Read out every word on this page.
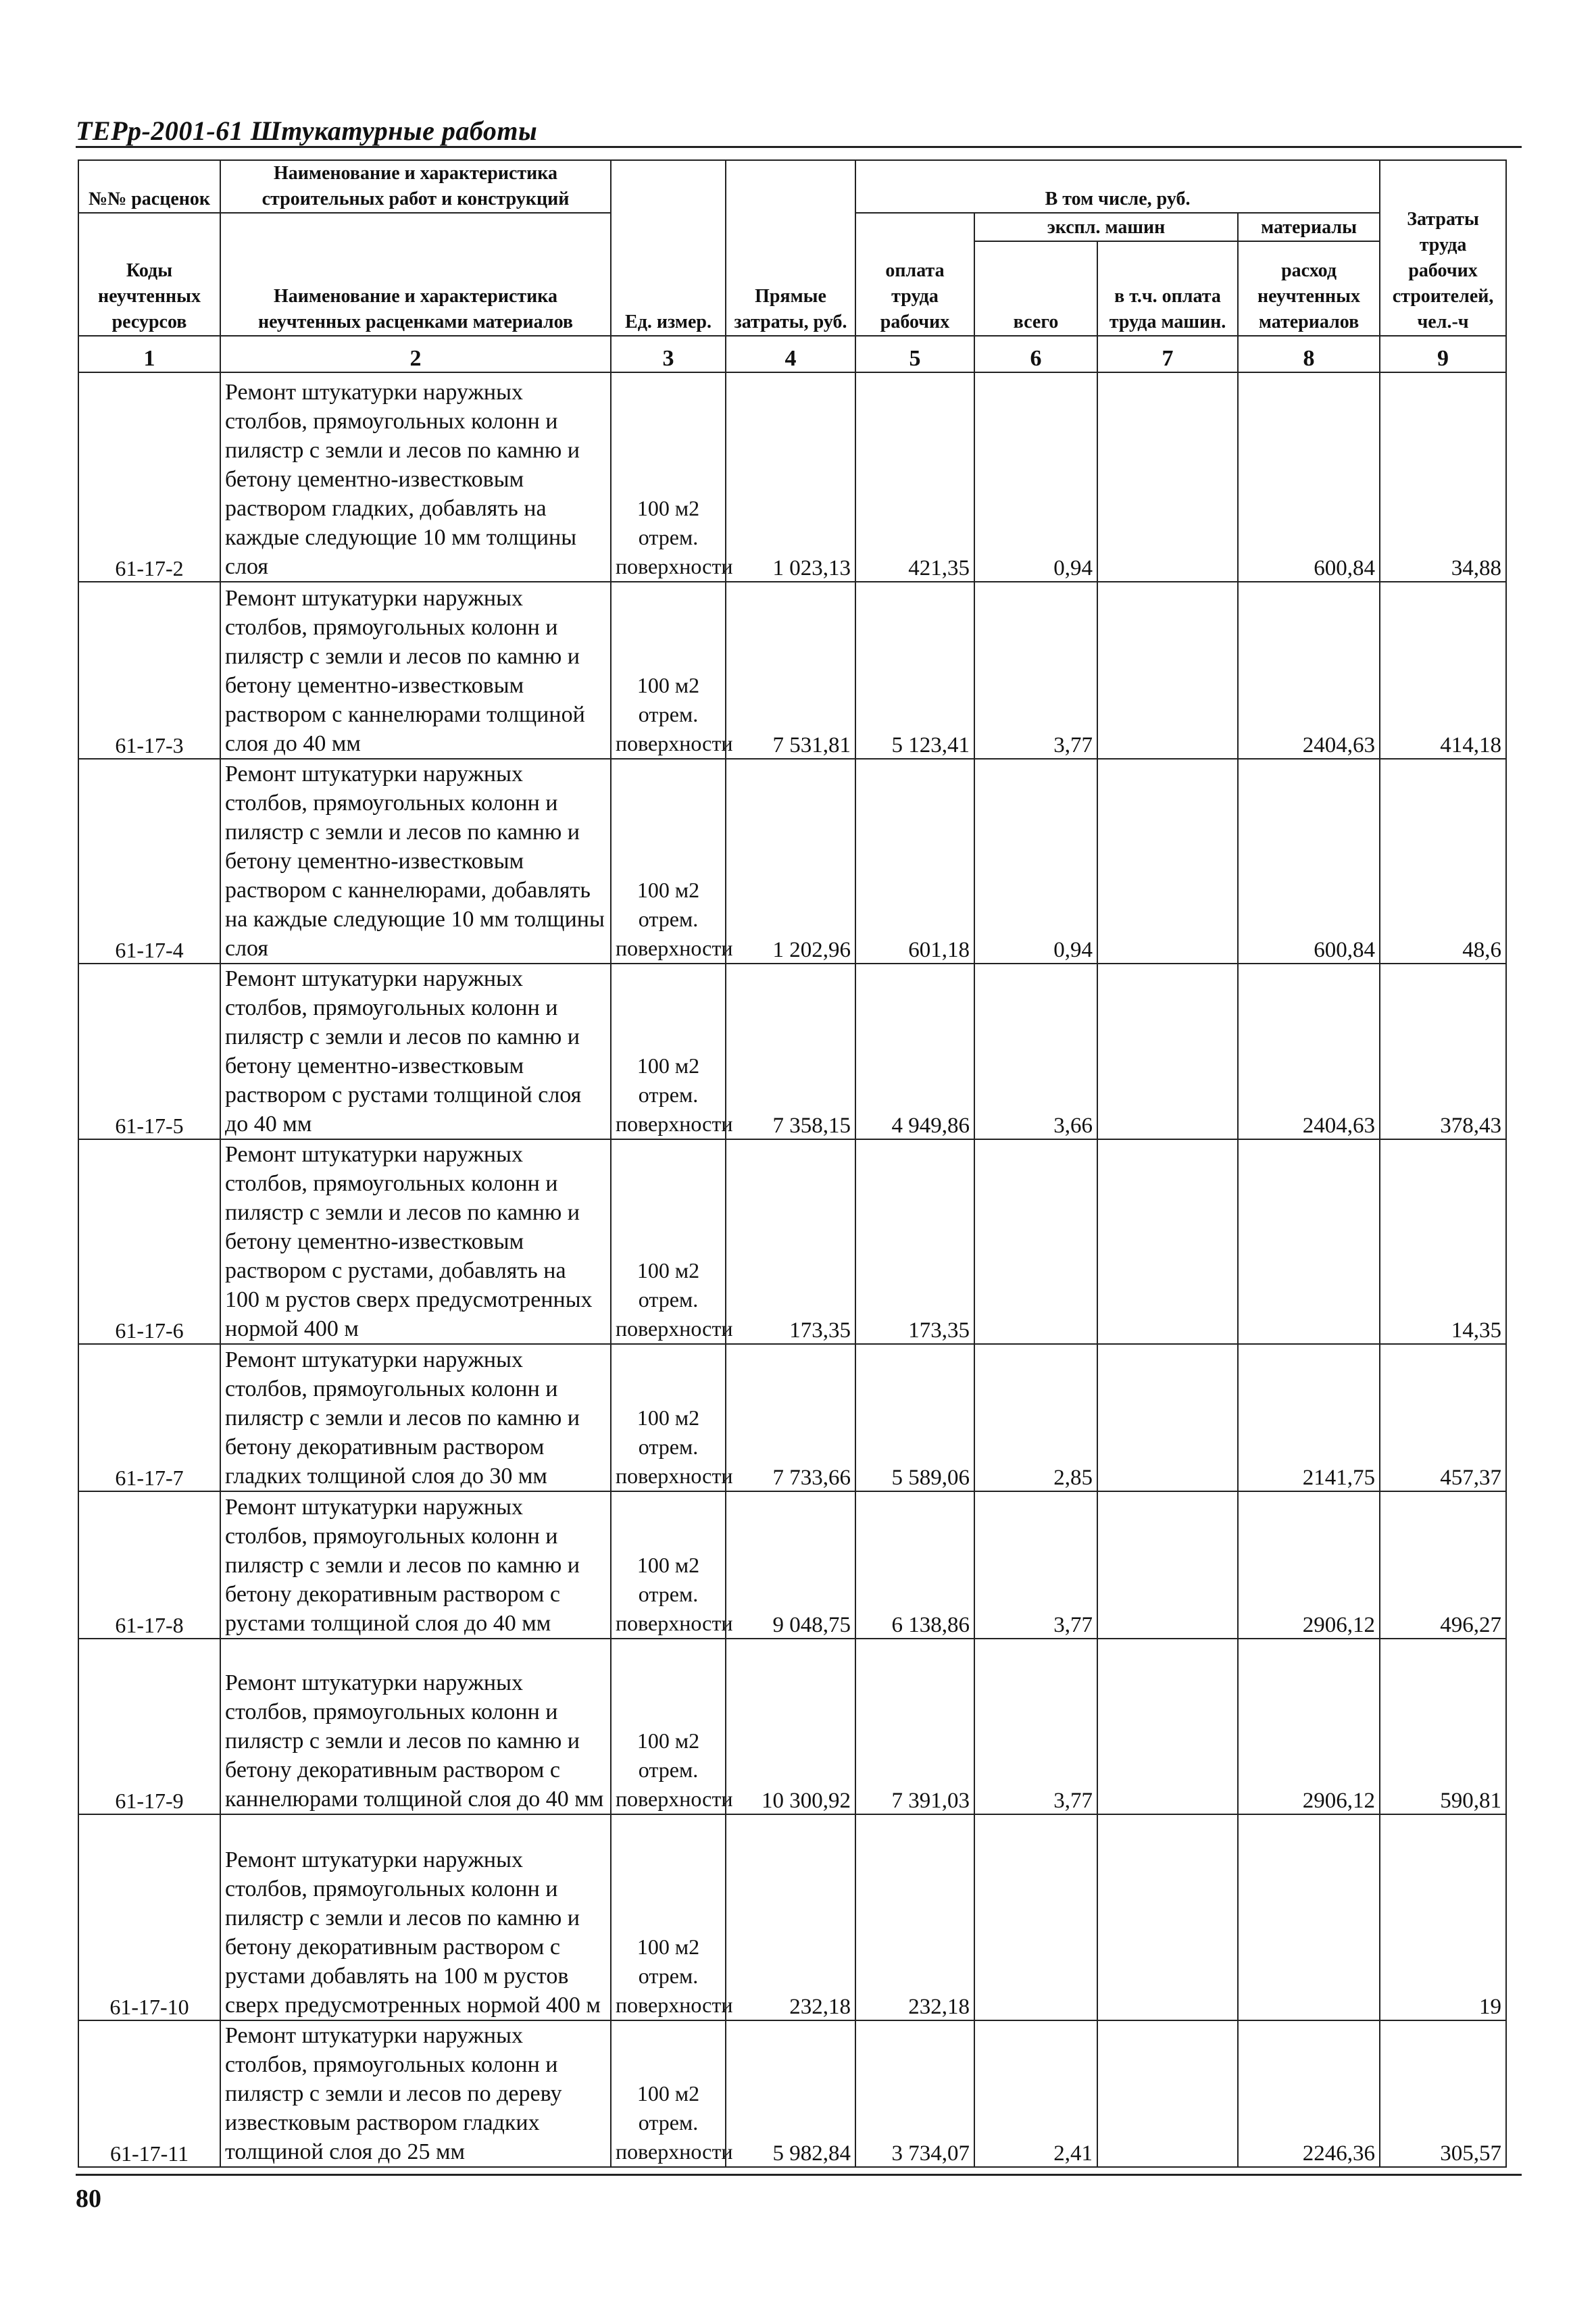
ТЕРр-2001-61 Штукатурные работы
№№ расценок	Наименование и характеристика строительных работ и конструкций	Ед. измер.	Прямые затраты, руб.	В том числе, руб.				Затраты труда рабочих строителей, чел.-ч
Коды неучтенных ресурсов	Наименование и характеристика неучтенных расценками материалов			оплата труда рабочих	экспл. машин		материалы	
					всего	в т.ч. оплата труда машин.	расход неучтенных материалов	

1	2	3	4	5	6	7	8	9
61-17-2	Ремонт штукатурки наружных столбов, прямоугольных колонн и пилястр с земли и лесов по камню и бетону цементно-известковым раствором гладких, добавлять на каждые следующие 10 мм толщины слоя	100 м2 отрем. поверхности	1 023,13	421,35	0,94		600,84	34,88
61-17-3	Ремонт штукатурки наружных столбов, прямоугольных колонн и пилястр с земли и лесов по камню и бетону цементно-известковым раствором с каннелюрами толщиной слоя до 40 мм	100 м2 отрем. поверхности	7 531,81	5 123,41	3,77		2404,63	414,18
61-17-4	Ремонт штукатурки наружных столбов, прямоугольных колонн и пилястр с земли и лесов по камню и бетону цементно-известковым раствором с каннелюрами, добавлять на каждые следующие 10 мм толщины слоя	100 м2 отрем. поверхности	1 202,96	601,18	0,94		600,84	48,6
61-17-5	Ремонт штукатурки наружных столбов, прямоугольных колонн и пилястр с земли и лесов по камню и бетону цементно-известковым раствором с рустами толщиной слоя до 40 мм	100 м2 отрем. поверхности	7 358,15	4 949,86	3,66		2404,63	378,43
61-17-6	Ремонт штукатурки наружных столбов, прямоугольных колонн и пилястр с земли и лесов по камню и бетону цементно-известковым раствором с рустами, добавлять на 100 м рустов сверх предусмотренных нормой 400 м	100 м2 отрем. поверхности	173,35	173,35				14,35
61-17-7	Ремонт штукатурки наружных столбов, прямоугольных колонн и пилястр с земли и лесов по камню и бетону декоративным раствором гладких толщиной слоя до 30 мм	100 м2 отрем. поверхности	7 733,66	5 589,06	2,85		2141,75	457,37
61-17-8	Ремонт штукатурки наружных столбов, прямоугольных колонн и пилястр с земли и лесов по камню и бетону декоративным раствором с рустами толщиной слоя до 40 мм	100 м2 отрем. поверхности	9 048,75	6 138,86	3,77		2906,12	496,27
61-17-9	Ремонт штукатурки наружных столбов, прямоугольных колонн и пилястр с земли и лесов по камню и бетону декоративным раствором с каннелюрами толщиной слоя до 40 мм	100 м2 отрем. поверхности	10 300,92	7 391,03	3,77		2906,12	590,81
61-17-10	Ремонт штукатурки наружных столбов, прямоугольных колонн и пилястр с земли и лесов по камню и бетону декоративным раствором с рустами добавлять на 100 м рустов сверх предусмотренных нормой 400 м	100 м2 отрем. поверхности	232,18	232,18				19
61-17-11	Ремонт штукатурки наружных столбов, прямоугольных колонн и пилястр с земли и лесов по дереву известковым раствором гладких толщиной слоя до 25 мм	100 м2 отрем. поверхности	5 982,84	3 734,07	2,41		2246,36	305,57
80
